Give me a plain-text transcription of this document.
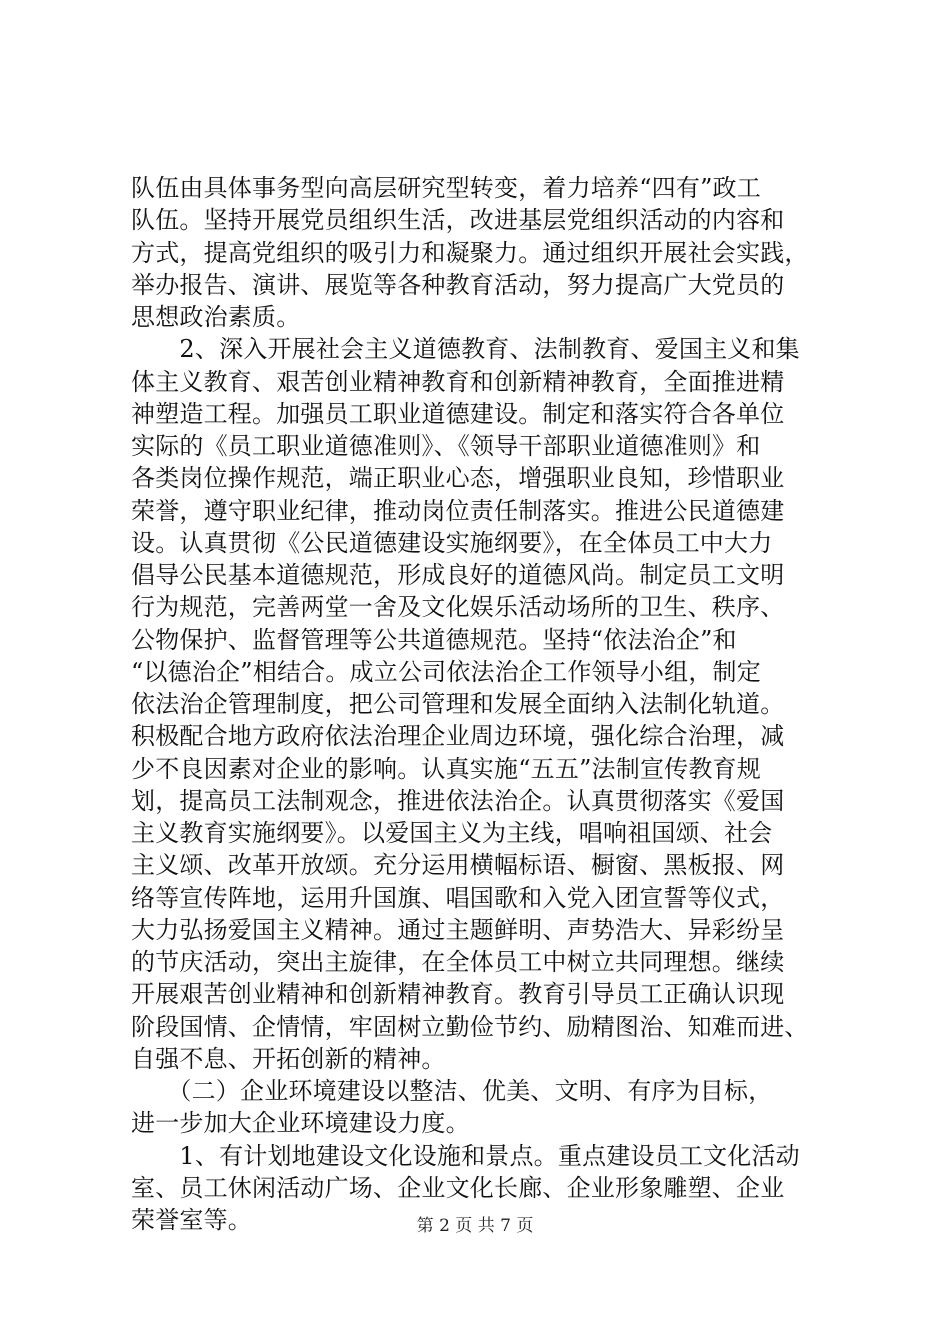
队伍由具体事务型向高层研究型转变，着力培养“四有”政工
队伍。坚持开展党员组织生活，改进基层党组织活动的内容和
方式，提高党组织的吸引力和凝聚力。通过组织开展社会实践，
举办报告、演讲、展览等各种教育活动，努力提高广大党员的
思想政治素质。
　　2、深入开展社会主义道德教育、法制教育、爱国主义和集
体主义教育、艰苦创业精神教育和创新精神教育，全面推进精
神塑造工程。加强员工职业道德建设。制定和落实符合各单位
实际的《员工职业道德准则》、《领导干部职业道德准则》和
各类岗位操作规范，端正职业心态，增强职业良知，珍惜职业
荣誉，遵守职业纪律，推动岗位责任制落实。推进公民道德建
设。认真贯彻《公民道德建设实施纲要》，在全体员工中大力
倡导公民基本道德规范，形成良好的道德风尚。制定员工文明
行为规范，完善两堂一舍及文化娱乐活动场所的卫生、秩序、
公物保护、监督管理等公共道德规范。坚持“依法治企”和
“以德治企”相结合。成立公司依法治企工作领导小组，制定
依法治企管理制度，把公司管理和发展全面纳入法制化轨道。
积极配合地方政府依法治理企业周边环境，强化综合治理，减
少不良因素对企业的影响。认真实施“五五”法制宣传教育规
划，提高员工法制观念，推进依法治企。认真贯彻落实《爱国
主义教育实施纲要》。以爱国主义为主线，唱响祖国颂、社会
主义颂、改革开放颂。充分运用横幅标语、橱窗、黑板报、网
络等宣传阵地，运用升国旗、唱国歌和入党入团宣誓等仪式，
大力弘扬爱国主义精神。通过主题鲜明、声势浩大、异彩纷呈
的节庆活动，突出主旋律，在全体员工中树立共同理想。继续
开展艰苦创业精神和创新精神教育。教育引导员工正确认识现
阶段国情、企情情，牢固树立勤俭节约、励精图治、知难而进、
自强不息、开拓创新的精神。
　　（二）企业环境建设以整洁、优美、文明、有序为目标，
进一步加大企业环境建设力度。
　　1、有计划地建设文化设施和景点。重点建设员工文化活动
室、员工休闲活动广场、企业文化长廊、企业形象雕塑、企业
荣誉室等。	第 2 页 共 7 页
